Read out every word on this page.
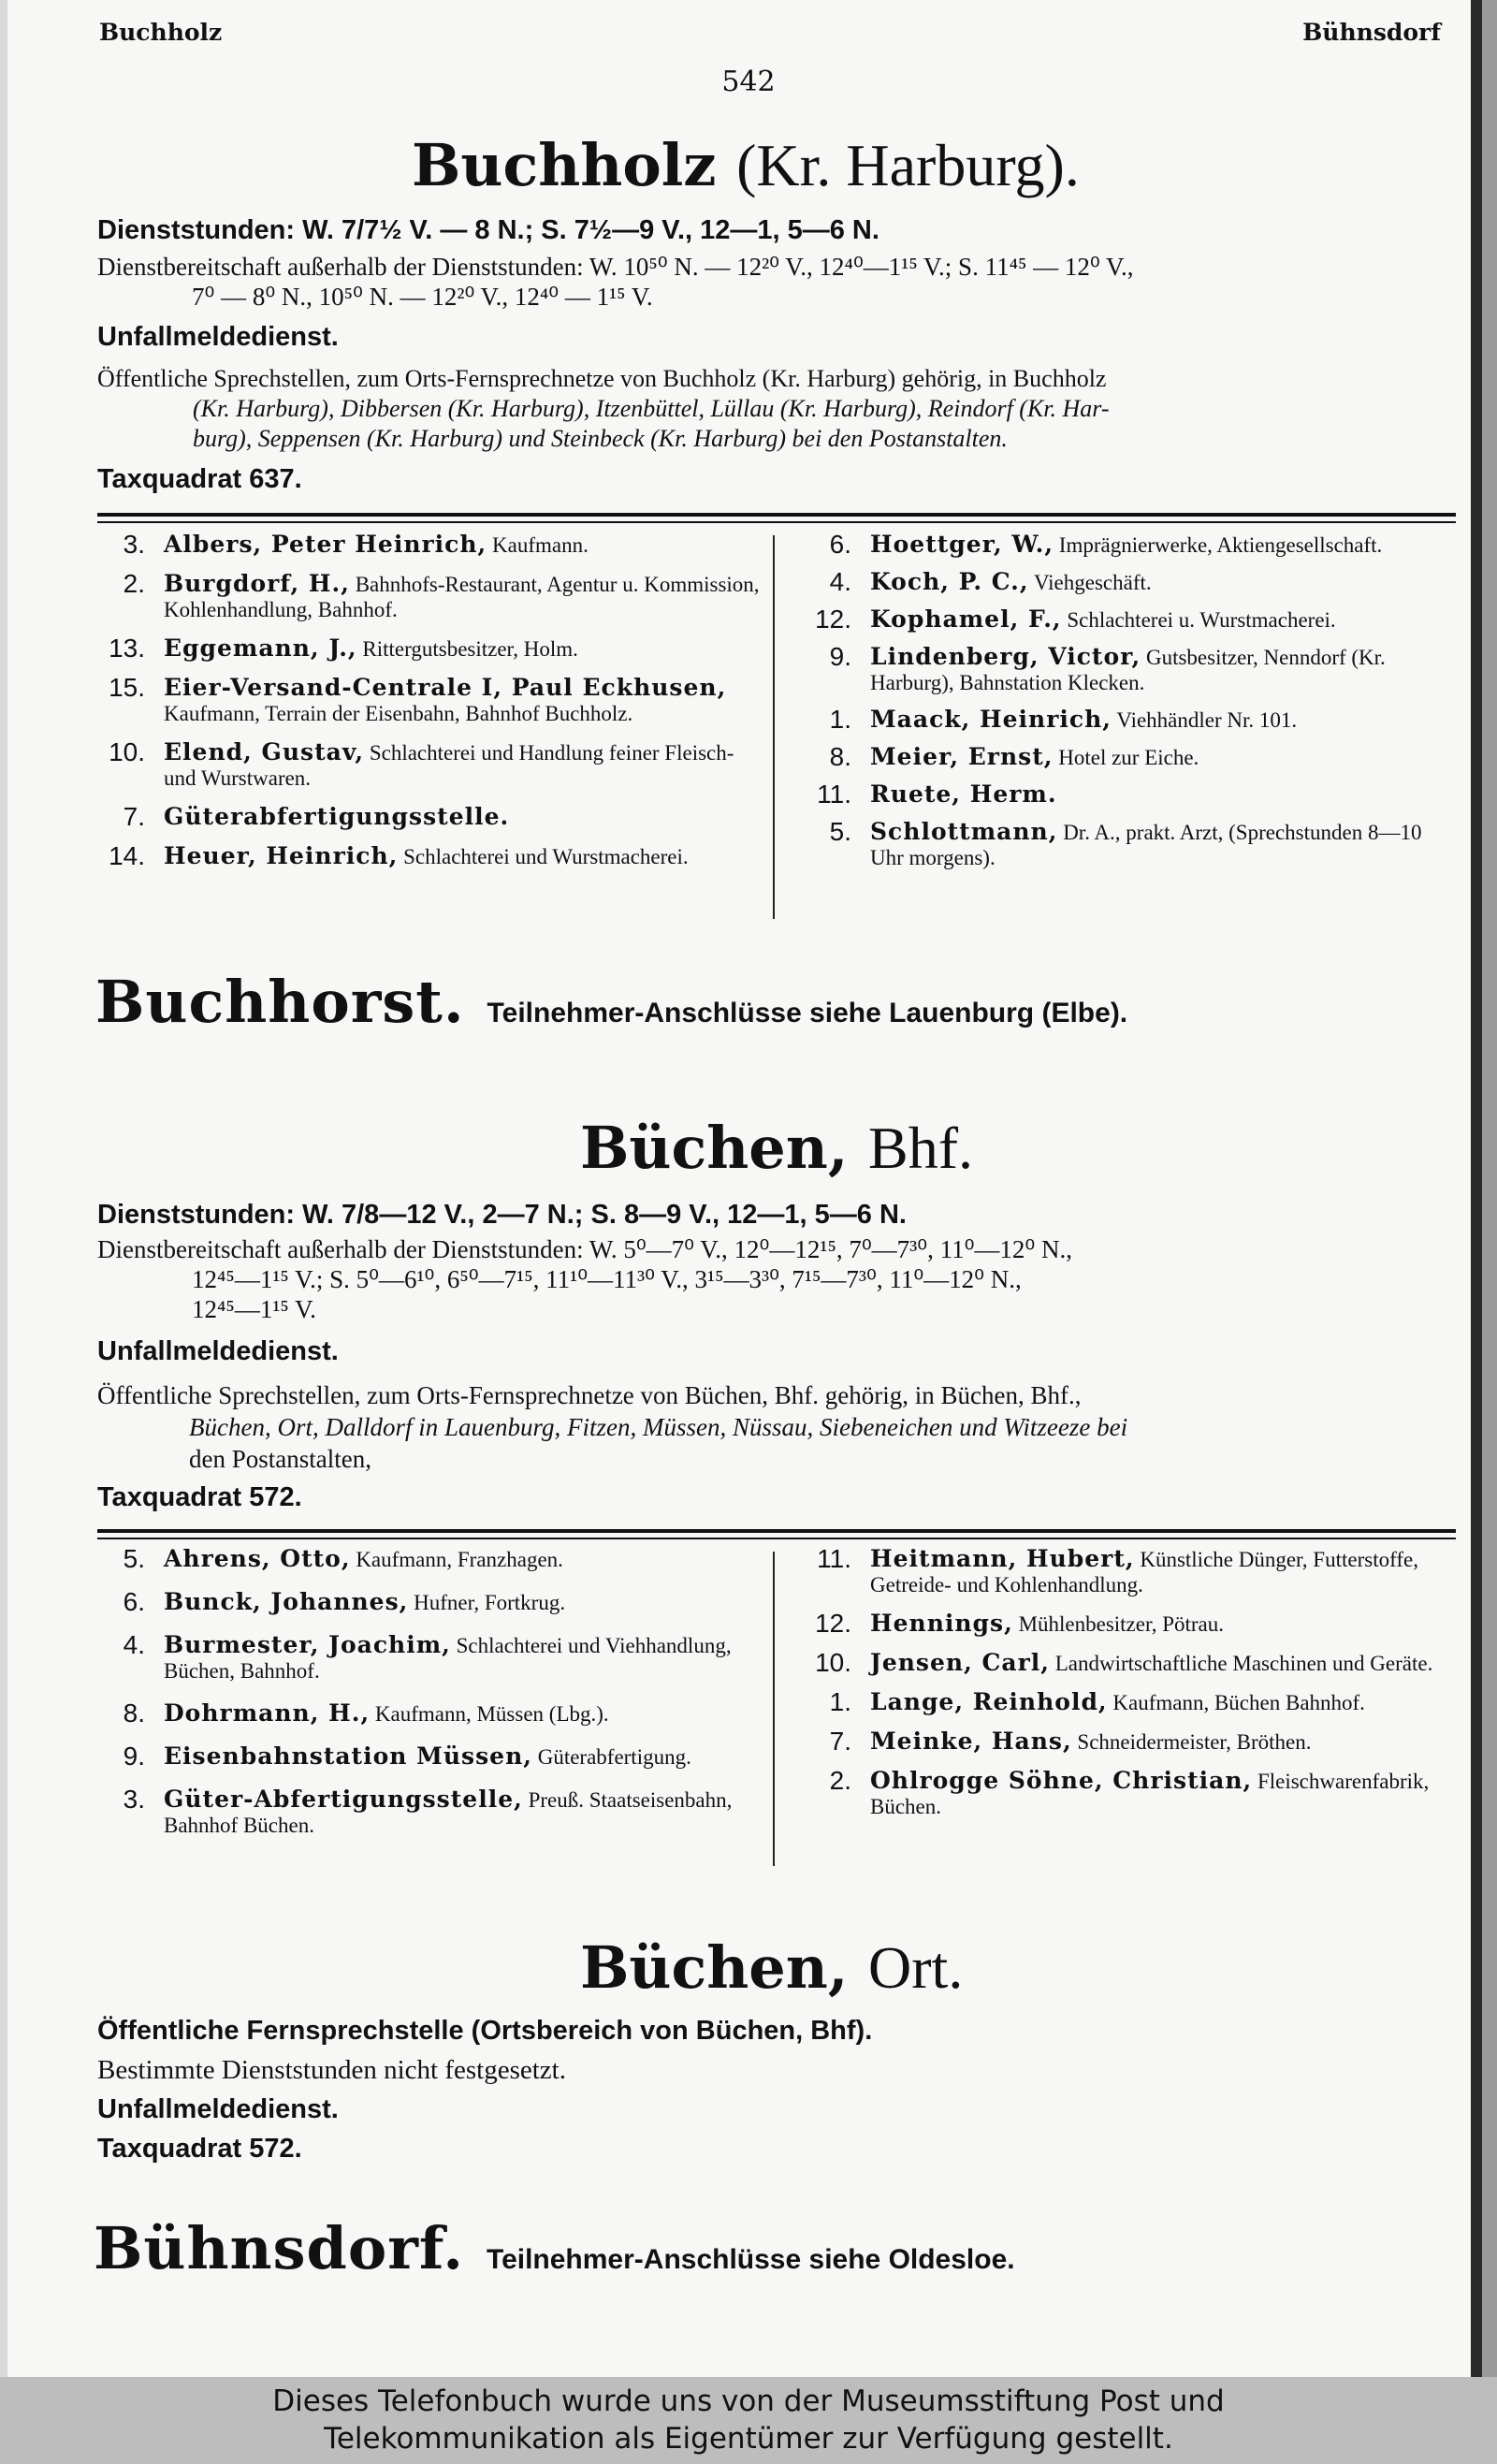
Buchholz	Bühnsdorf
542
Buchholz (Kr. Harburg).
Dienststunden: W. 7/7½ V. — 8 N.; S. 7½—9 V., 12—1, 5—6 N.
Dienstbereitschaft außerhalb der Dienststunden: W. 10⁵⁰ N. — 12²⁰ V., 12⁴⁰—1¹⁵ V.; S. 11⁴⁵ — 12⁰ V.,
7⁰ — 8⁰ N., 10⁵⁰ N. — 12²⁰ V., 12⁴⁰ — 1¹⁵ V.
Unfallmeldedienst.
Öffentliche Sprechstellen, zum Orts-Fernsprechnetze von Buchholz (Kr. Harburg) gehörig, in Buchholz
(Kr. Harburg), Dibbersen (Kr. Harburg), Itzenbüttel, Lüllau (Kr. Harburg), Reindorf (Kr. Har-
burg), Seppensen (Kr. Harburg) und Steinbeck (Kr. Harburg) bei den Postanstalten.
Taxquadrat 637.
3. Albers, Peter Heinrich, Kaufmann.
2. Burgdorf, H., Bahnhofs-Restaurant, Agentur u. Kommission, Kohlenhandlung, Bahnhof.
13. Eggemann, J., Rittergutsbesitzer, Holm.
15. Eier-Versand-Centrale I, Paul Eckhusen, Kaufmann, Terrain der Eisenbahn, Bahnhof Buchholz.
10. Elend, Gustav, Schlachterei und Handlung feiner Fleisch- und Wurstwaren.
7. Güterabfertigungsstelle.
14. Heuer, Heinrich, Schlachterei und Wurstmacherei.
6. Hoettger, W., Imprägnierwerke, Aktiengesellschaft.
4. Koch, P. C., Viehgeschäft.
12. Kophamel, F., Schlachterei u. Wurstmacherei.
9. Lindenberg, Victor, Gutsbesitzer, Nenndorf (Kr. Harburg), Bahnstation Klecken.
1. Maack, Heinrich, Viehhändler Nr. 101.
8. Meier, Ernst, Hotel zur Eiche.
11. Ruete, Herm.
5. Schlottmann, Dr. A., prakt. Arzt, (Sprechstunden 8—10 Uhr morgens).
Buchhorst. Teilnehmer-Anschlüsse siehe Lauenburg (Elbe).
Büchen, Bhf.
Dienststunden: W. 7/8—12 V., 2—7 N.; S. 8—9 V., 12—1, 5—6 N.
Dienstbereitschaft außerhalb der Dienststunden: W. 5⁰—7⁰ V., 12⁰—12¹⁵, 7⁰—7³⁰, 11⁰—12⁰ N.,
12⁴⁵—1¹⁵ V.; S. 5⁰—6¹⁰, 6⁵⁰—7¹⁵, 11¹⁰—11³⁰ V., 3¹⁵—3³⁰, 7¹⁵—7³⁰, 11⁰—12⁰ N.,
12⁴⁵—1¹⁵ V.
Unfallmeldedienst.
Öffentliche Sprechstellen, zum Orts-Fernsprechnetze von Büchen, Bhf. gehörig, in Büchen, Bhf.,
Büchen, Ort, Dalldorf in Lauenburg, Fitzen, Müssen, Nüssau, Siebeneichen und Witzeeze bei
den Postanstalten,
Taxquadrat 572.
5. Ahrens, Otto, Kaufmann, Franzhagen.
6. Bunck, Johannes, Hufner, Fortkrug.
4. Burmester, Joachim, Schlachterei und Viehhandlung, Büchen, Bahnhof.
8. Dohrmann, H., Kaufmann, Müssen (Lbg.).
9. Eisenbahnstation Müssen, Güterabfertigung.
3. Güter-Abfertigungsstelle, Preuß. Staatseisenbahn, Bahnhof Büchen.
11. Heitmann, Hubert, Künstliche Dünger, Futterstoffe, Getreide- und Kohlenhandlung.
12. Hennings, Mühlenbesitzer, Pötrau.
10. Jensen, Carl, Landwirtschaftliche Maschinen und Geräte.
1. Lange, Reinhold, Kaufmann, Büchen Bahnhof.
7. Meinke, Hans, Schneidermeister, Bröthen.
2. Ohlrogge Söhne, Christian, Fleischwarenfabrik, Büchen.
Büchen, Ort.
Öffentliche Fernsprechstelle (Ortsbereich von Büchen, Bhf).
Bestimmte Dienststunden nicht festgesetzt.
Unfallmeldedienst.
Taxquadrat 572.
Bühnsdorf. Teilnehmer-Anschlüsse siehe Oldesloe.
Dieses Telefonbuch wurde uns von der Museumsstiftung Post und
Telekommunikation als Eigentümer zur Verfügung gestellt.
